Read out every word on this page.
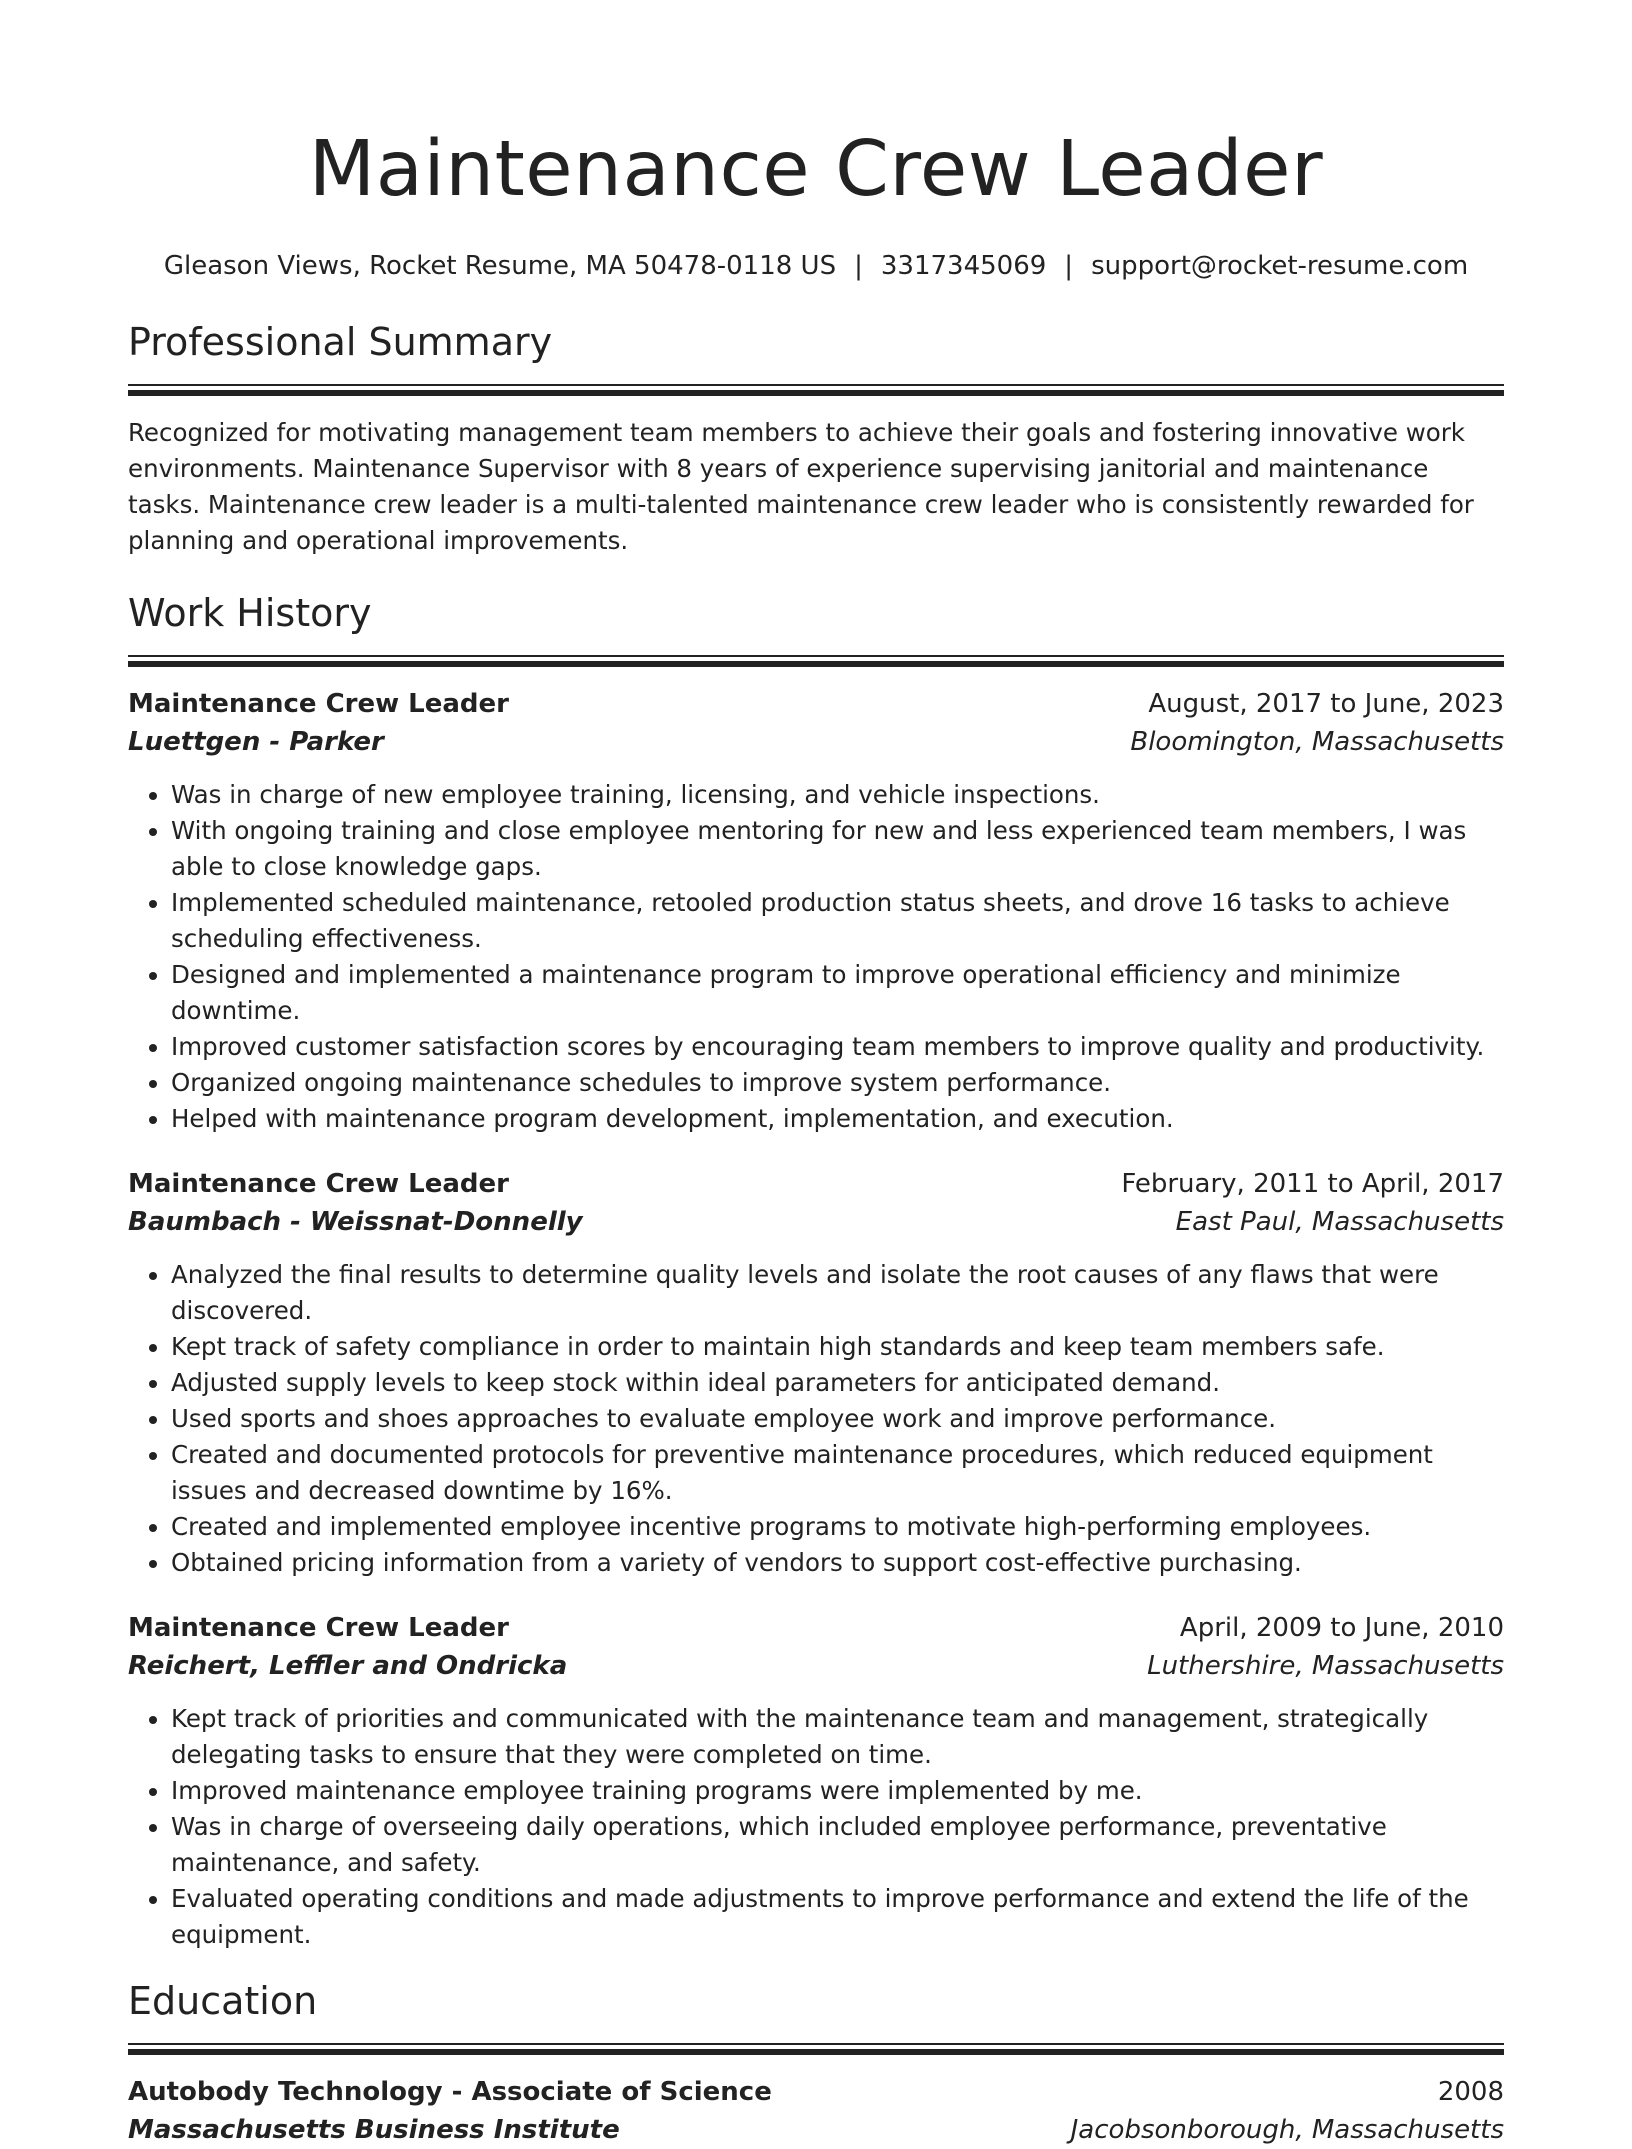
Maintenance Crew Leader
Gleason Views, Rocket Resume, MA 50478-0118 US | 3317345069 | support@rocket-resume.com
Professional Summary

Recognized for motivating management team members to achieve their goals and fostering innovative work environments. Maintenance Supervisor with 8 years of experience supervising janitorial and maintenance tasks. Maintenance crew leader is a multi-talented maintenance crew leader who is consistently rewarded for planning and operational improvements.

Work History
Maintenance Crew Leader	August, 2017 to June, 2023
Luettgen - Parker	Bloomington, Massachusetts
• Was in charge of new employee training, licensing, and vehicle inspections.
• With ongoing training and close employee mentoring for new and less experienced team members, I was able to close knowledge gaps.
• Implemented scheduled maintenance, retooled production status sheets, and drove 16 tasks to achieve scheduling effectiveness.
• Designed and implemented a maintenance program to improve operational efficiency and minimize downtime.
• Improved customer satisfaction scores by encouraging team members to improve quality and productivity.
• Organized ongoing maintenance schedules to improve system performance.
• Helped with maintenance program development, implementation, and execution.
Maintenance Crew Leader	February, 2011 to April, 2017
Baumbach - Weissnat-Donnelly	East Paul, Massachusetts
• Analyzed the final results to determine quality levels and isolate the root causes of any flaws that were discovered.
• Kept track of safety compliance in order to maintain high standards and keep team members safe.
• Adjusted supply levels to keep stock within ideal parameters for anticipated demand.
• Used sports and shoes approaches to evaluate employee work and improve performance.
• Created and documented protocols for preventive maintenance procedures, which reduced equipment issues and decreased downtime by 16%.
• Created and implemented employee incentive programs to motivate high-performing employees.
• Obtained pricing information from a variety of vendors to support cost-effective purchasing.
Maintenance Crew Leader	April, 2009 to June, 2010
Reichert, Leffler and Ondricka	Luthershire, Massachusetts
• Kept track of priorities and communicated with the maintenance team and management, strategically delegating tasks to ensure that they were completed on time.
• Improved maintenance employee training programs were implemented by me.
• Was in charge of overseeing daily operations, which included employee performance, preventative maintenance, and safety.
• Evaluated operating conditions and made adjustments to improve performance and extend the life of the equipment.
Education
Autobody Technology - Associate of Science	2008
Massachusetts Business Institute	Jacobsonborough, Massachusetts
